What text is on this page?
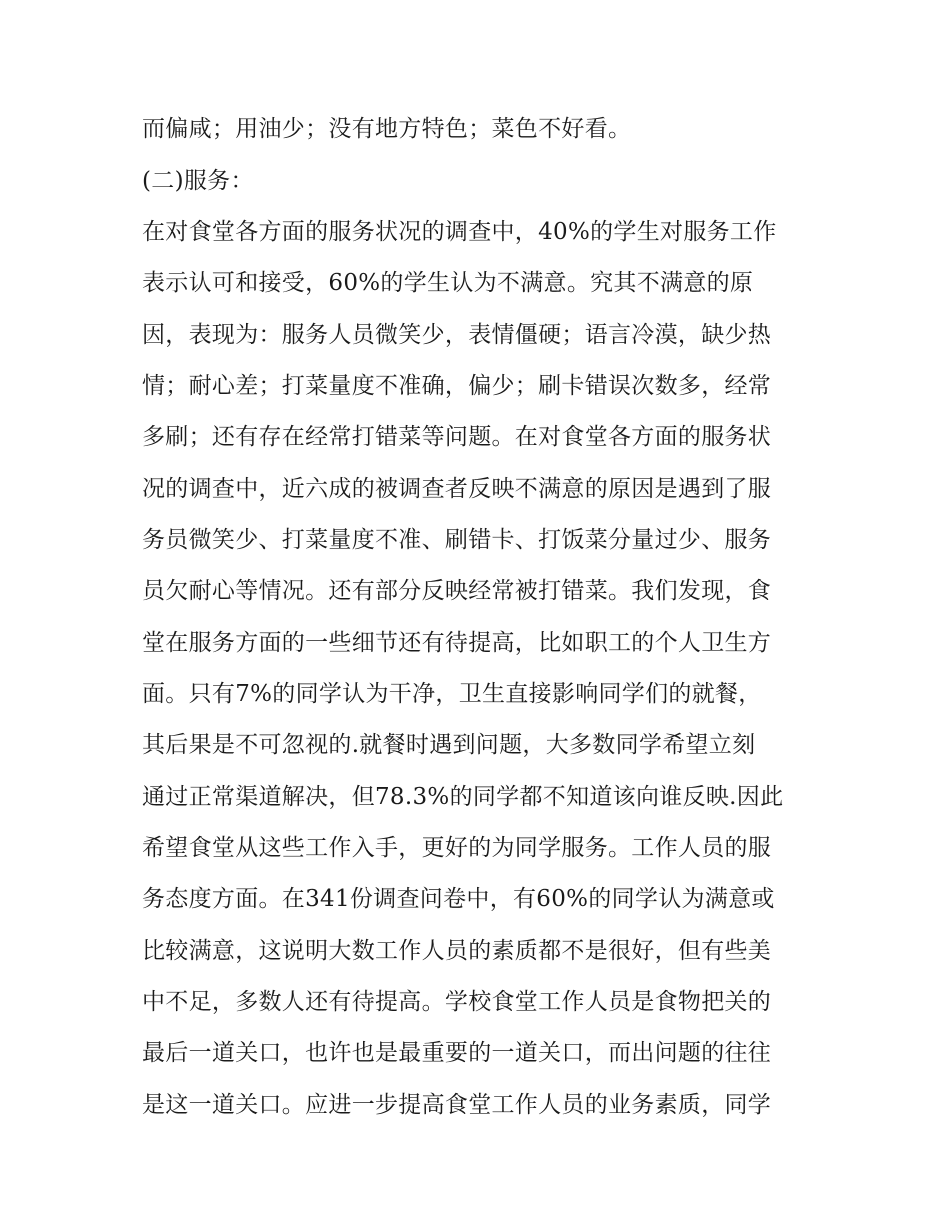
而偏咸；用油少；没有地方特色；菜色不好看。
(二)服务：
在对食堂各方面的服务状况的调查中，40%的学生对服务工作
表示认可和接受，60%的学生认为不满意。究其不满意的原
因，表现为：服务人员微笑少，表情僵硬；语言冷漠，缺少热
情；耐心差；打菜量度不准确，偏少；刷卡错误次数多，经常
多刷；还有存在经常打错菜等问题。在对食堂各方面的服务状
况的调查中，近六成的被调查者反映不满意的原因是遇到了服
务员微笑少、打菜量度不准、刷错卡、打饭菜分量过少、服务
员欠耐心等情况。还有部分反映经常被打错菜。我们发现，食
堂在服务方面的一些细节还有待提高，比如职工的个人卫生方
面。只有7%的同学认为干净，卫生直接影响同学们的就餐，
其后果是不可忽视的.就餐时遇到问题，大多数同学希望立刻
通过正常渠道解决，但78.3%的同学都不知道该向谁反映.因此
希望食堂从这些工作入手，更好的为同学服务。工作人员的服
务态度方面。在341份调查问卷中，有60%的同学认为满意或
比较满意，这说明大数工作人员的素质都不是很好，但有些美
中不足，多数人还有待提高。学校食堂工作人员是食物把关的
最后一道关口，也许也是最重要的一道关口，而出问题的往往
是这一道关口。应进一步提高食堂工作人员的业务素质，同学
